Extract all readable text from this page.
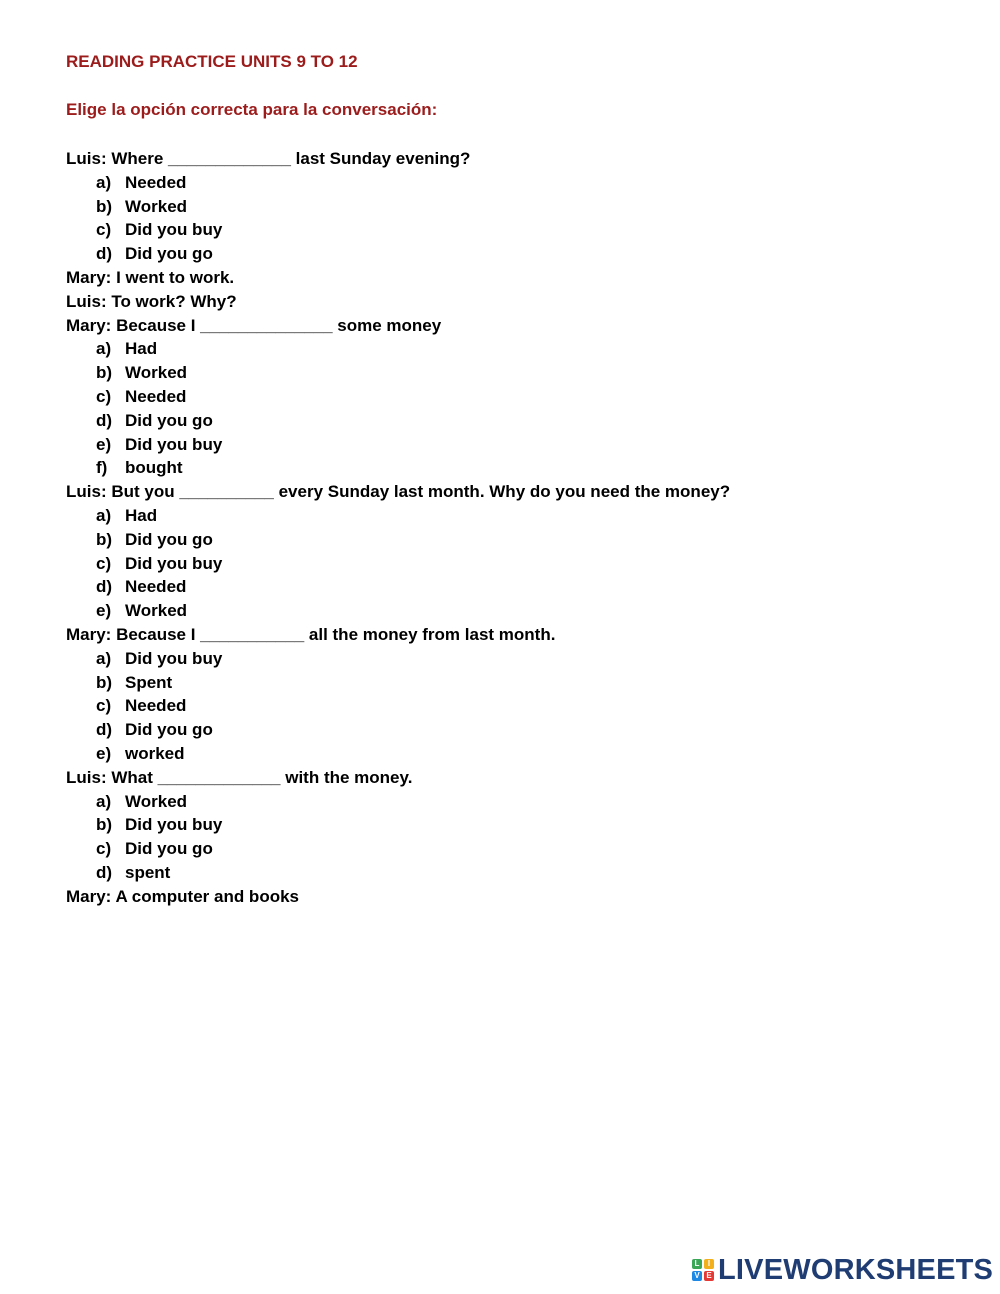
READING PRACTICE UNITS 9 TO 12
Elige la opción correcta para la conversación:
Luis: Where _____________ last Sunday evening?
a) Needed
b) Worked
c) Did you buy
d) Did you go
Mary: I went to work.
Luis: To work? Why?
Mary: Because I ______________ some money
a) Had
b) Worked
c) Needed
d) Did you go
e) Did you buy
f) bought
Luis: But you __________ every Sunday last month. Why do you need the money?
a) Had
b) Did you go
c) Did you buy
d) Needed
e) Worked
Mary: Because I ___________ all the money from last month.
a) Did you buy
b) Spent
c) Needed
d) Did you go
e) worked
Luis: What _____________ with the money.
a) Worked
b) Did you buy
c) Did you go
d) spent
Mary: A computer and books
L	I
V E LIVEWORKSHEETS
